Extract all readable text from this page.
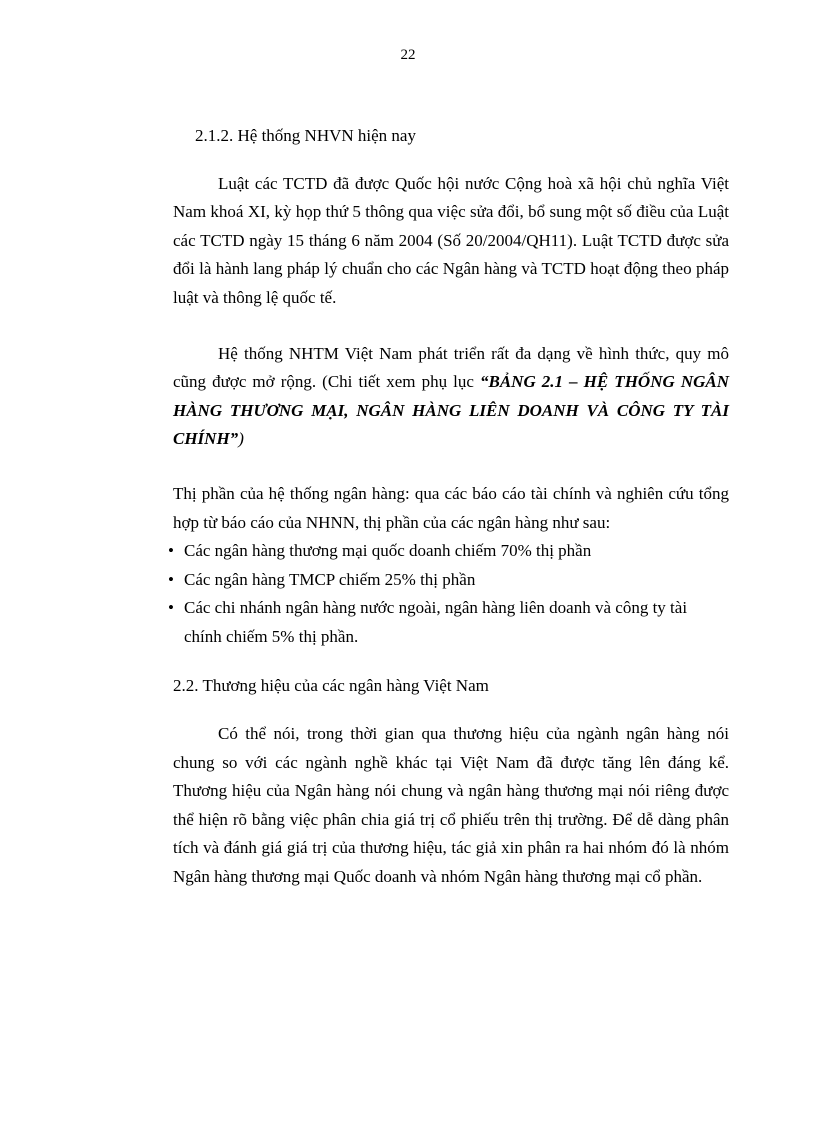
22
2.1.2. Hệ thống NHVN hiện nay

Luật các TCTD đã được Quốc hội nước Cộng hoà xã hội chủ nghĩa Việt Nam khoá XI, kỳ họp thứ 5 thông qua việc sửa đổi, bổ sung một số điều của Luật các TCTD ngày 15 tháng 6 năm 2004 (Số 20/2004/QH11). Luật TCTD được sửa đổi là hành lang pháp lý chuẩn cho các Ngân hàng và TCTD hoạt động theo pháp luật và thông lệ quốc tế.

Hệ thống NHTM Việt Nam phát triển rất đa dạng về hình thức, quy mô cũng được mở rộng. (Chi tiết xem phụ lục “BẢNG 2.1 – HỆ THỐNG NGÂN HÀNG THƯƠNG MẠI, NGÂN HÀNG LIÊN DOANH VÀ CÔNG TY TÀI CHÍNH”)

Thị phần của hệ thống ngân hàng: qua các báo cáo tài chính và nghiên cứu tổng hợp từ báo cáo của NHNN, thị phần của các ngân hàng như sau:

• Các ngân hàng thương mại quốc doanh chiếm 70% thị phần
• Các ngân hàng TMCP chiếm 25% thị phần
• Các chi nhánh ngân hàng nước ngoài, ngân hàng liên doanh và công ty tài chính chiếm 5% thị phần.
2.2. Thương hiệu của các ngân hàng Việt Nam

Có thể nói, trong thời gian qua thương hiệu của ngành ngân hàng nói chung so với các ngành nghề khác tại Việt Nam đã được tăng lên đáng kể. Thương hiệu của Ngân hàng nói chung và ngân hàng thương mại nói riêng được thể hiện rõ bằng việc phân chia giá trị cổ phiếu trên thị trường. Để dễ dàng phân tích và đánh giá giá trị của thương hiệu, tác giả xin phân ra hai nhóm đó là nhóm Ngân hàng thương mại Quốc doanh và nhóm Ngân hàng thương mại cổ phần.
